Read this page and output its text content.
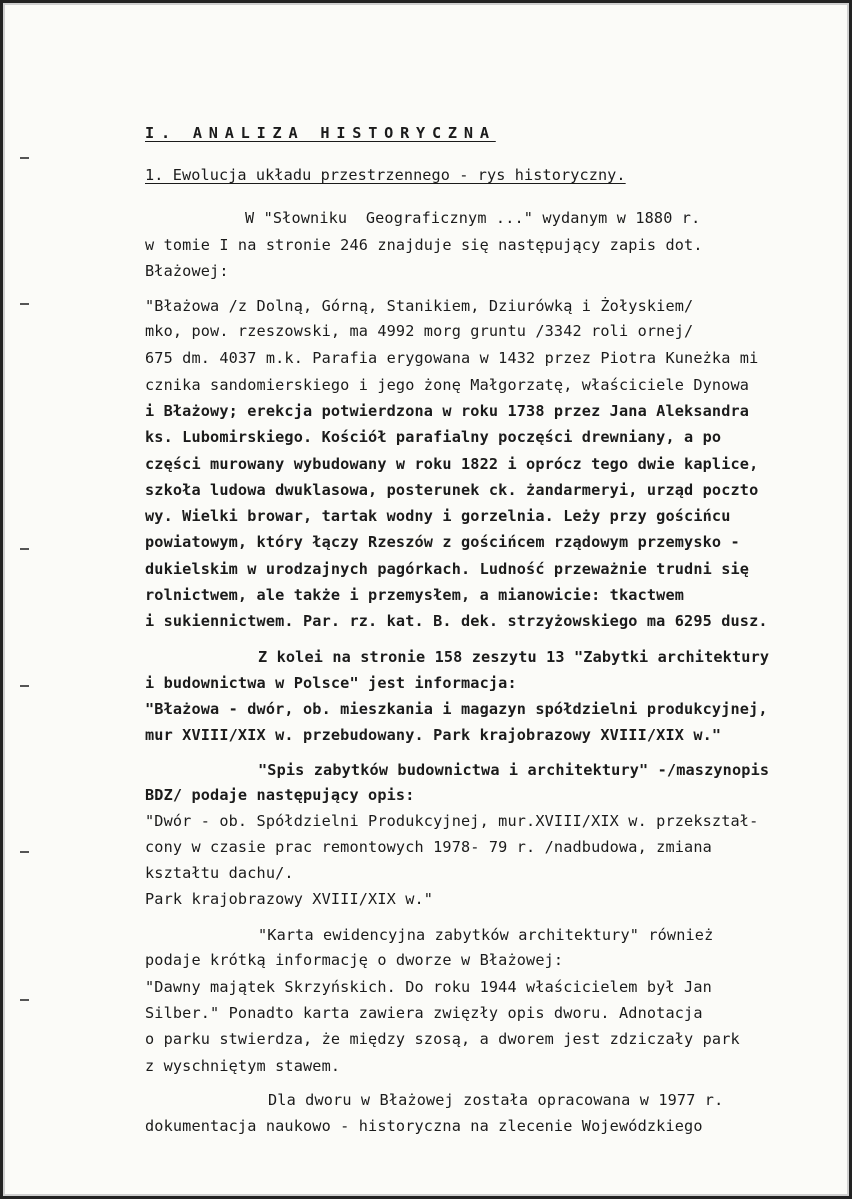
I. ANALIZA HISTORYCZNA
1. Ewolucja układu przestrzennego - rys historyczny.
W "Słowniku  Geograficznym ..." wydanym w 1880 r.
w tomie I na stronie 246 znajduje się następujący zapis dot.
Błażowej:
"Błażowa /z Dolną, Górną, Stanikiem, Dziurówką i Żołyskiem/
mko, pow. rzeszowski, ma 4992 morg gruntu /3342 roli ornej/
675 dm. 4037 m.k. Parafia erygowana w 1432 przez Piotra Kuneżka mi
cznika sandomierskiego i jego żonę Małgorzatę, właściciele Dynowa
i Błażowy; erekcja potwierdzona w roku 1738 przez Jana Aleksandra
ks. Lubomirskiego. Kościół parafialny poczęści drewniany, a po
części murowany wybudowany w roku 1822 i oprócz tego dwie kaplice,
szkoła ludowa dwuklasowa, posterunek ck. żandarmeryi, urząd poczto
wy. Wielki browar, tartak wodny i gorzelnia. Leży przy gościńcu
powiatowym, który łączy Rzeszów z gościńcem rządowym przemysko -
dukielskim w urodzajnych pagórkach. Ludność przeważnie trudni się
rolnictwem, ale także i przemysłem, a mianowicie: tkactwem
i sukiennictwem. Par. rz. kat. B. dek. strzyżowskiego ma 6295 dusz.
Z kolei na stronie 158 zeszytu 13 "Zabytki architektury
i budownictwa w Polsce" jest informacja:
"Błażowa - dwór, ob. mieszkania i magazyn spółdzielni produkcyjnej,
mur XVIII/XIX w. przebudowany. Park krajobrazowy XVIII/XIX w."
"Spis zabytków budownictwa i architektury" -/maszynopis
BDZ/ podaje następujący opis:
"Dwór - ob. Spółdzielni Produkcyjnej, mur.XVIII/XIX w. przekształ-
cony w czasie prac remontowych 1978- 79 r. /nadbudowa, zmiana
kształtu dachu/.
Park krajobrazowy XVIII/XIX w."
"Karta ewidencyjna zabytków architektury" również
podaje krótką informację o dworze w Błażowej:
"Dawny majątek Skrzyńskich. Do roku 1944 właścicielem był Jan
Silber." Ponadto karta zawiera zwięzły opis dworu. Adnotacja
o parku stwierdza, że między szosą, a dworem jest zdziczały park
z wyschniętym stawem.
Dla dworu w Błażowej została opracowana w 1977 r.
dokumentacja naukowo - historyczna na zlecenie Wojewódzkiego
